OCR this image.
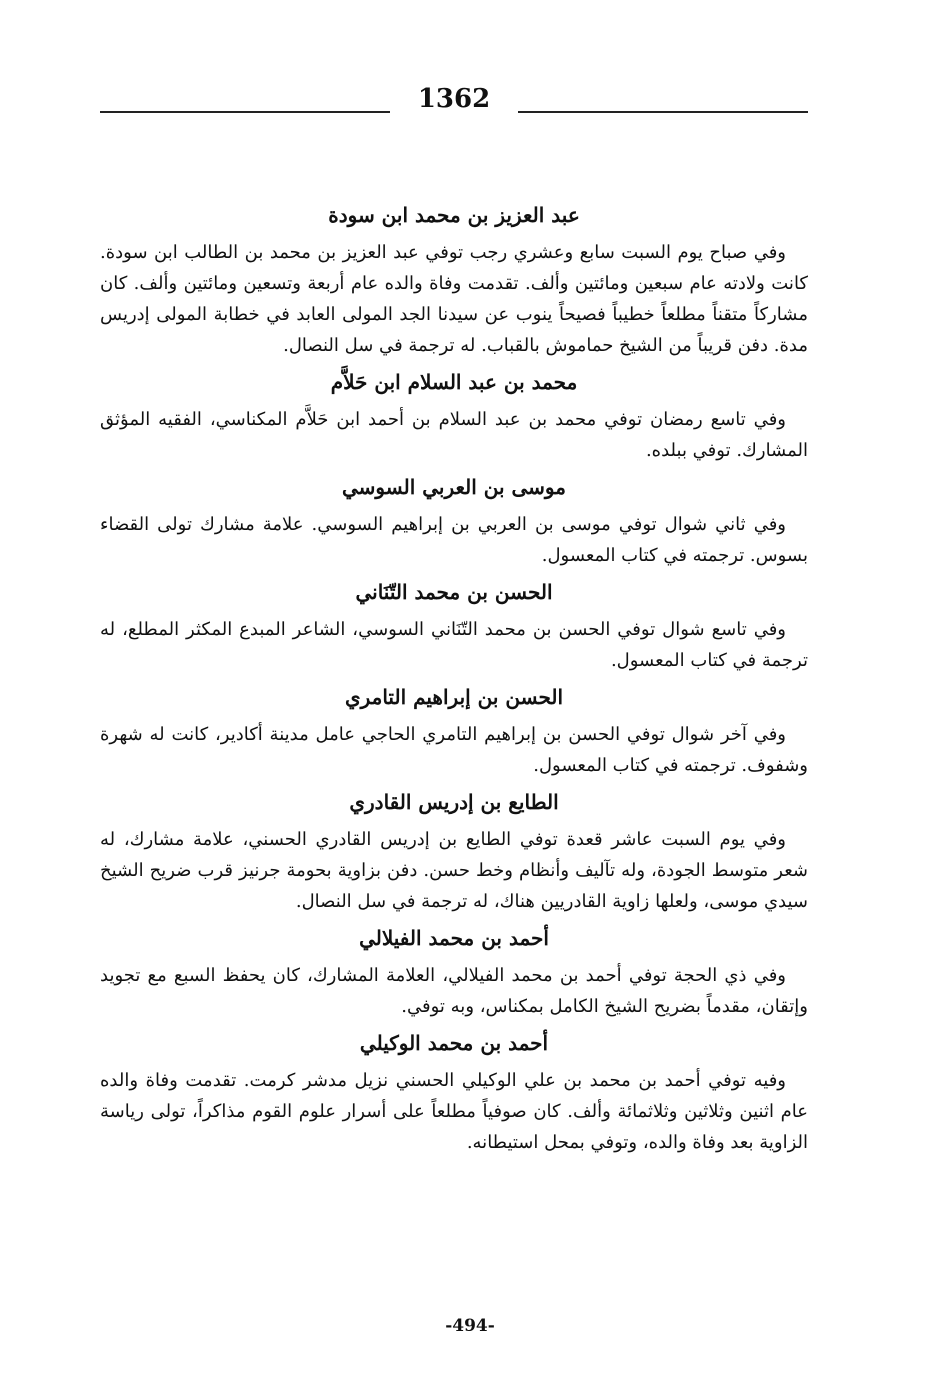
1362
عبد العزيز بن محمد ابن سودة

وفي صباح يوم السبت سابع وعشري رجب توفي عبد العزيز بن محمد بن الطالب ابن سودة. كانت ولادته عام سبعين ومائتين وألف. تقدمت وفاة والده عام أربعة وتسعين ومائتين وألف. كان مشاركاً متقناً مطلعاً خطيباً فصيحاً ينوب عن سيدنا الجد المولى العابد في خطابة المولى إدريس مدة. دفن قريباً من الشيخ حماموش بالقباب. له ترجمة في سل النصال.

محمد بن عبد السلام ابن حَلاَّم

وفي تاسع رمضان توفي محمد بن عبد السلام بن أحمد ابن حَلاَّم المكناسي، الفقيه المؤثق المشارك. توفي ببلده.

موسى بن العربي السوسي

وفي ثاني شوال توفي موسى بن العربي بن إبراهيم السوسي. علامة مشارك تولى القضاء بسوس. ترجمته في كتاب المعسول.

الحسن بن محمد التّنَاني

وفي تاسع شوال توفي الحسن بن محمد التّنَاني السوسي، الشاعر المبدع المكثر المطلع، له ترجمة في كتاب المعسول.

الحسن بن إبراهيم التامري

وفي آخر شوال توفي الحسن بن إبراهيم التامري الحاجي عامل مدينة أكادير، كانت له شهرة وشفوف. ترجمته في كتاب المعسول.

الطايع بن إدريس القادري

وفي يوم السبت عاشر قعدة توفي الطايع بن إدريس القادري الحسني، علامة مشارك، له شعر متوسط الجودة، وله تآليف وأنظام وخط حسن. دفن بزاوية بحومة جرنيز قرب ضريح الشيخ سيدي موسى، ولعلها زاوية القادريين هناك، له ترجمة في سل النصال.

أحمد بن محمد الفيلالي

وفي ذي الحجة توفي أحمد بن محمد الفيلالي، العلامة المشارك، كان يحفظ السبع مع تجويد وإتقان، مقدماً بضريح الشيخ الكامل بمكناس، وبه توفي.

أحمد بن محمد الوكيلي

وفيه توفي أحمد بن محمد بن علي الوكيلي الحسني نزيل مدشر كرمت. تقدمت وفاة والده عام اثنين وثلاثين وثلاثمائة وألف. كان صوفياً مطلعاً على أسرار علوم القوم مذاكراً، تولى رياسة الزاوية بعد وفاة والده، وتوفي بمحل استيطانه.

-494-
